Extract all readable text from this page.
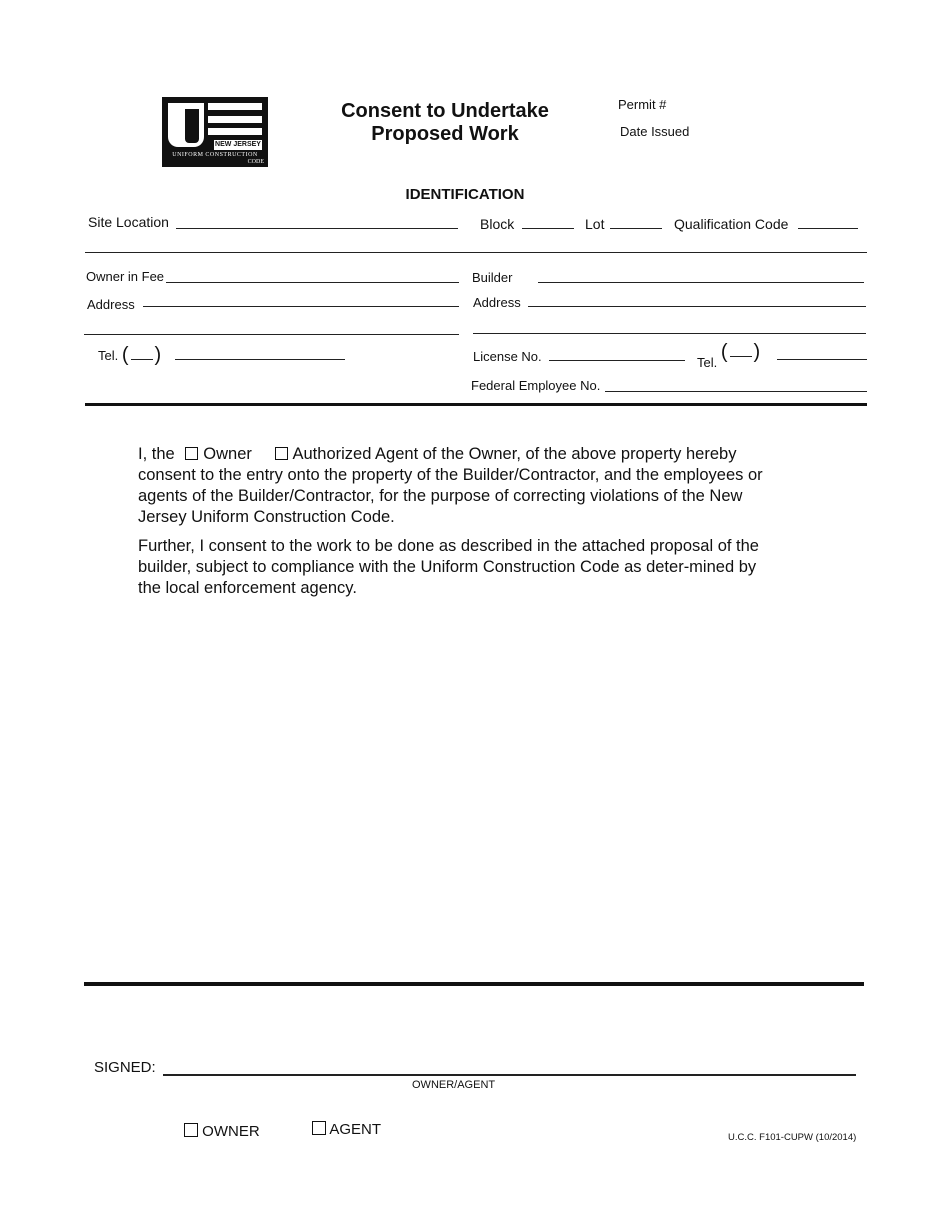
NEW JERSEY
UNIFORM CONSTRUCTION
CODE
Consent to Undertake
Proposed Work
Permit #
Date Issued
IDENTIFICATION
Site Location	Block	Lot	Qualification Code
Owner in Fee
Address
Tel. ( )
Builder
Address
License No.	Tel. ( )
Federal Employee No.

I, the Owner Authorized Agent of the Owner, of the above property hereby consent to the entry onto the property of the Builder/Contractor, and the employees or agents of the Builder/Contractor, for the purpose of correcting violations of the New Jersey Uniform Construction Code.

Further, I consent to the work to be done as described in the attached proposal of the builder, subject to compliance with the Uniform Construction Code as deter-mined by the local enforcement agency.

SIGNED:
OWNER/AGENT
OWNER	AGENT	U.C.C. F101-CUPW (10/2014)
